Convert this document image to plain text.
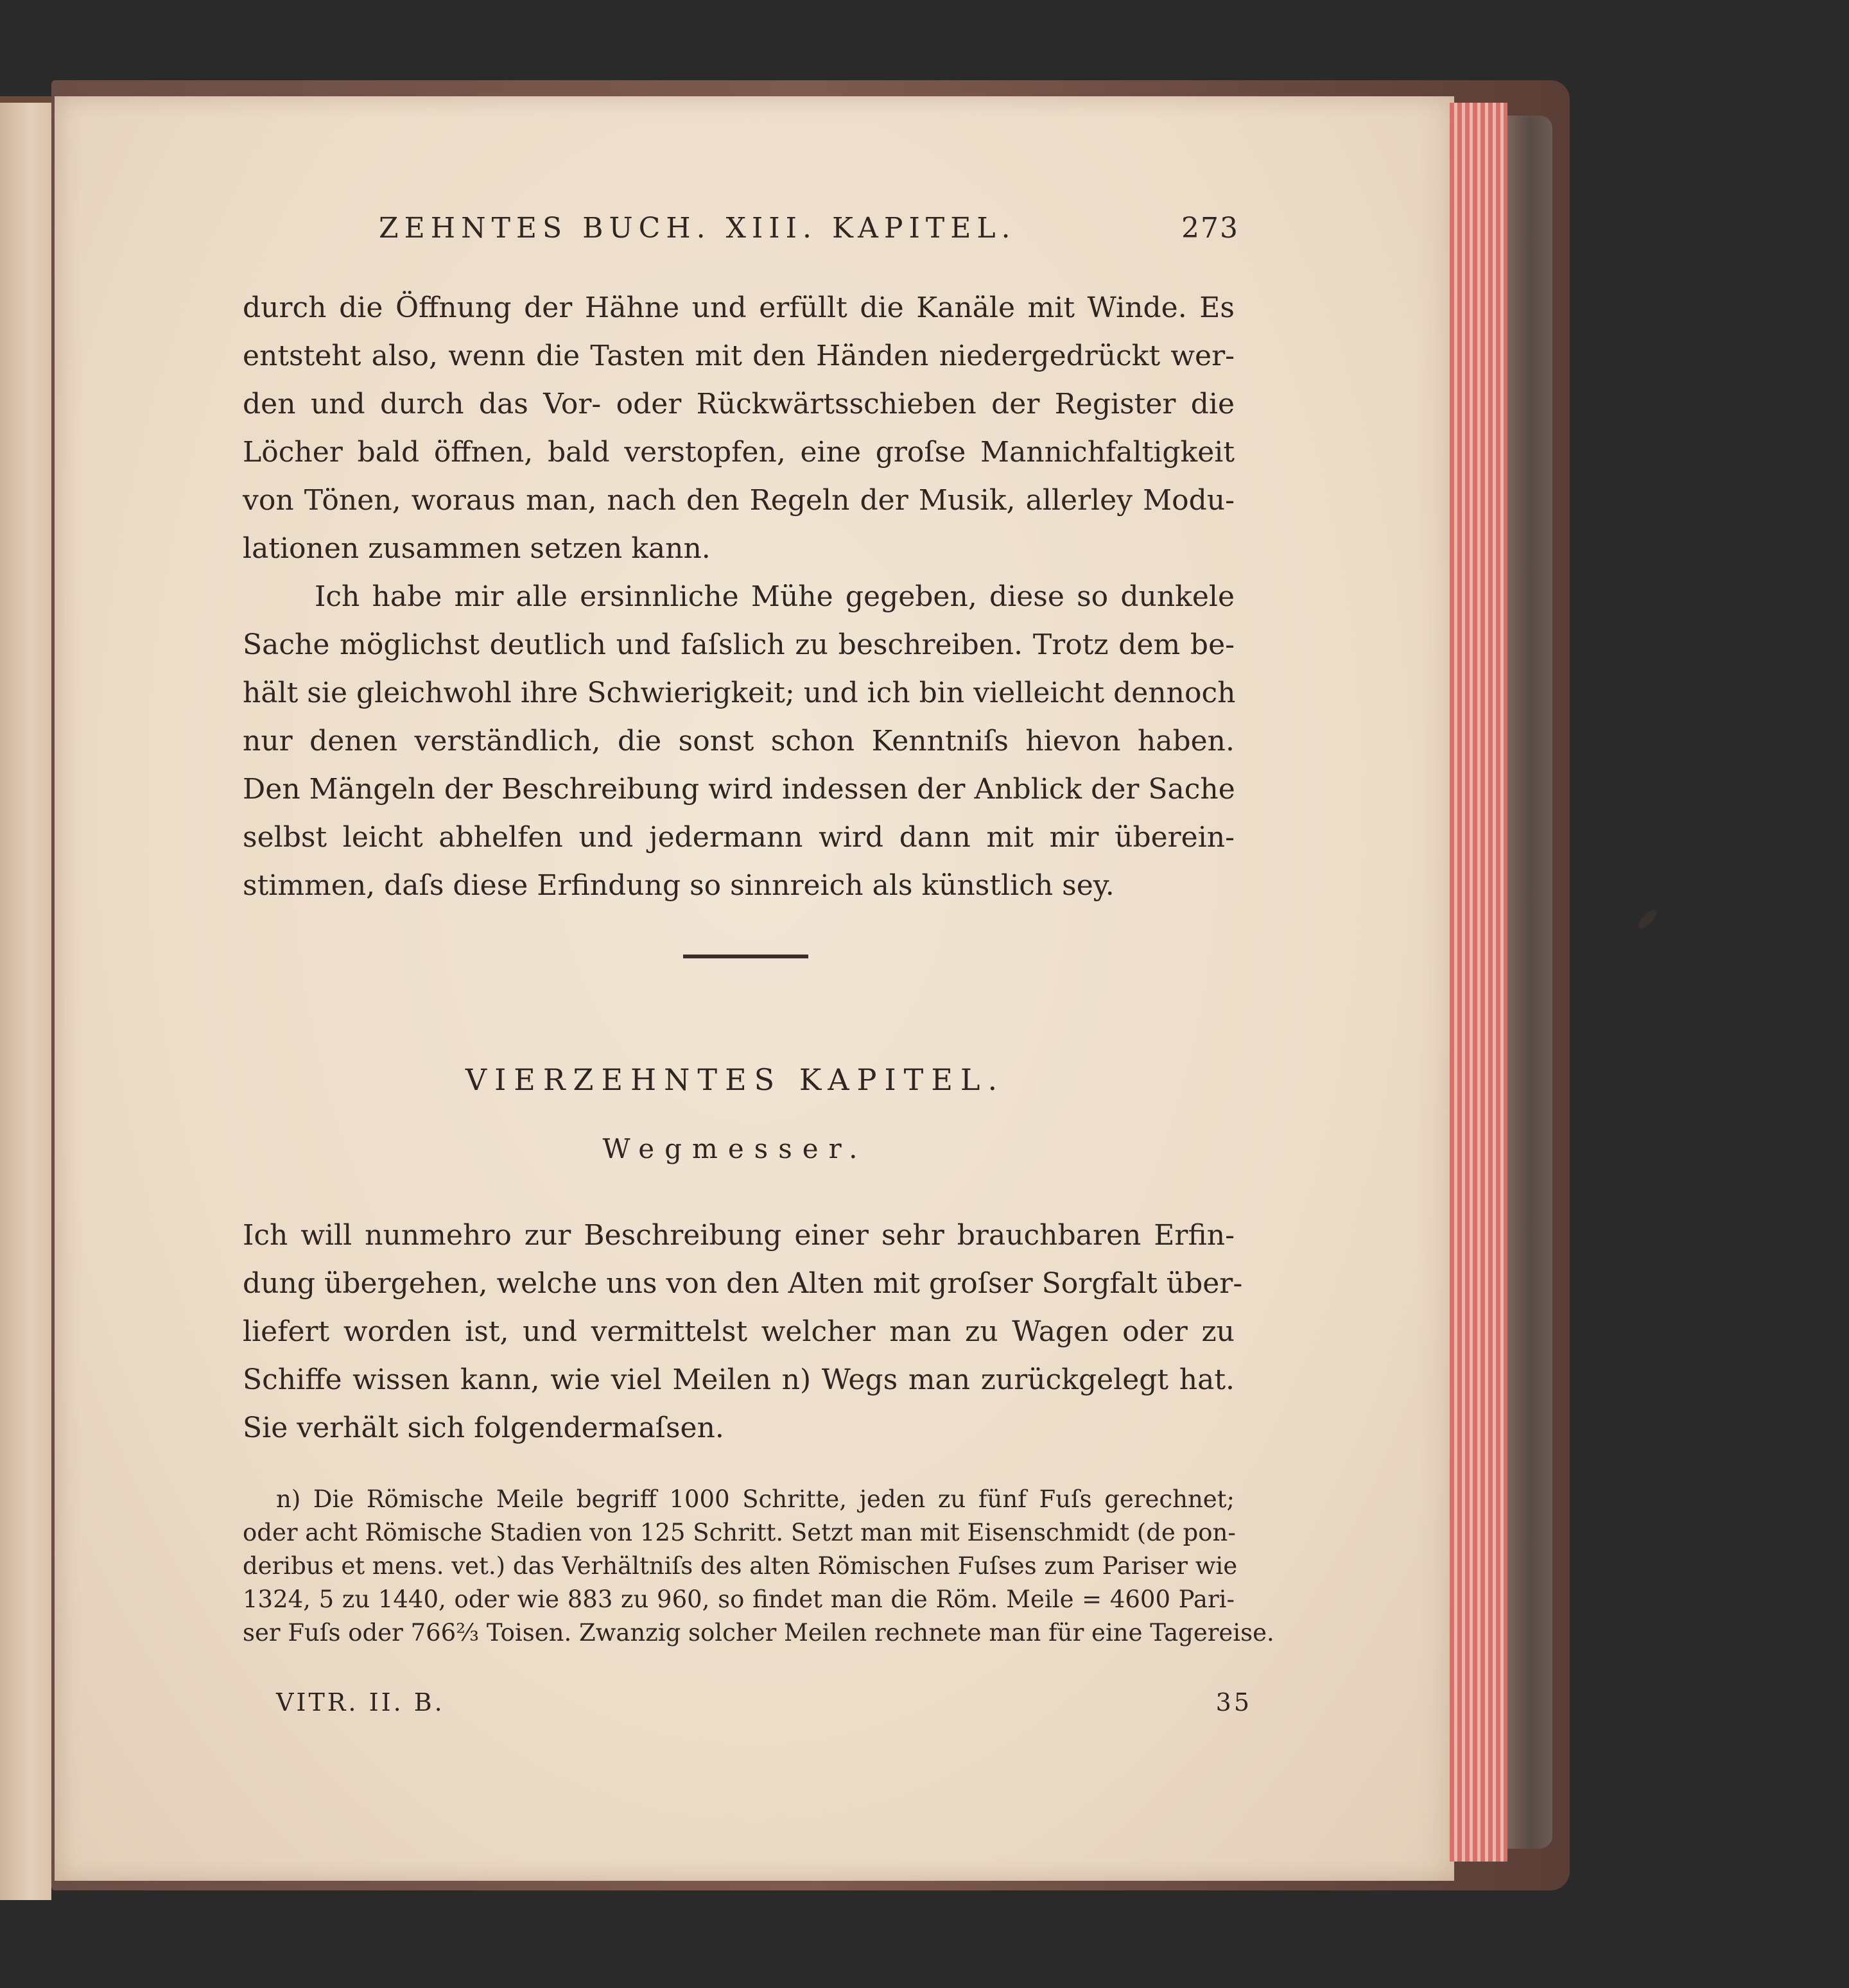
ZEHNTES BUCH. XIII. KAPITEL.	273
durch die Öffnung der Hähne und erfüllt die Kanäle mit Winde. Es
entsteht also, wenn die Tasten mit den Händen niedergedrückt wer-
den und durch das Vor- oder Rückwärtsschieben der Register die
Löcher bald öffnen, bald verstopfen, eine groſse Mannichfaltigkeit
von Tönen, woraus man, nach den Regeln der Musik, allerley Modu-
lationen zusammen setzen kann.
Ich habe mir alle ersinnliche Mühe gegeben, diese so dunkele
Sache möglichst deutlich und faſslich zu beschreiben. Trotz dem be-
hält sie gleichwohl ihre Schwierigkeit; und ich bin vielleicht dennoch
nur denen verständlich, die sonst schon Kenntniſs hievon haben.
Den Mängeln der Beschreibung wird indessen der Anblick der Sache
selbst leicht abhelfen und jedermann wird dann mit mir überein-
stimmen, daſs diese Erfindung so sinnreich als künstlich sey.
VIERZEHNTES KAPITEL.
Wegmesser.
Ich will nunmehro zur Beschreibung einer sehr brauchbaren Erfin-
dung übergehen, welche uns von den Alten mit groſser Sorgfalt über-
liefert worden ist, und vermittelst welcher man zu Wagen oder zu
Schiffe wissen kann, wie viel Meilen n) Wegs man zurückgelegt hat.
Sie verhält sich folgendermaſsen.
n) Die Römische Meile begriff 1000 Schritte, jeden zu fünf Fuſs gerechnet;
oder acht Römische Stadien von 125 Schritt. Setzt man mit Eisenschmidt (de pon-
deribus et mens. vet.) das Verhältniſs des alten Römischen Fuſses zum Pariser wie
1324, 5 zu 1440, oder wie 883 zu 960, so findet man die Röm. Meile = 4600 Pari-
ser Fuſs oder 766⅔ Toisen. Zwanzig solcher Meilen rechnete man für eine Tagereise.
VITR. II. B.	35
